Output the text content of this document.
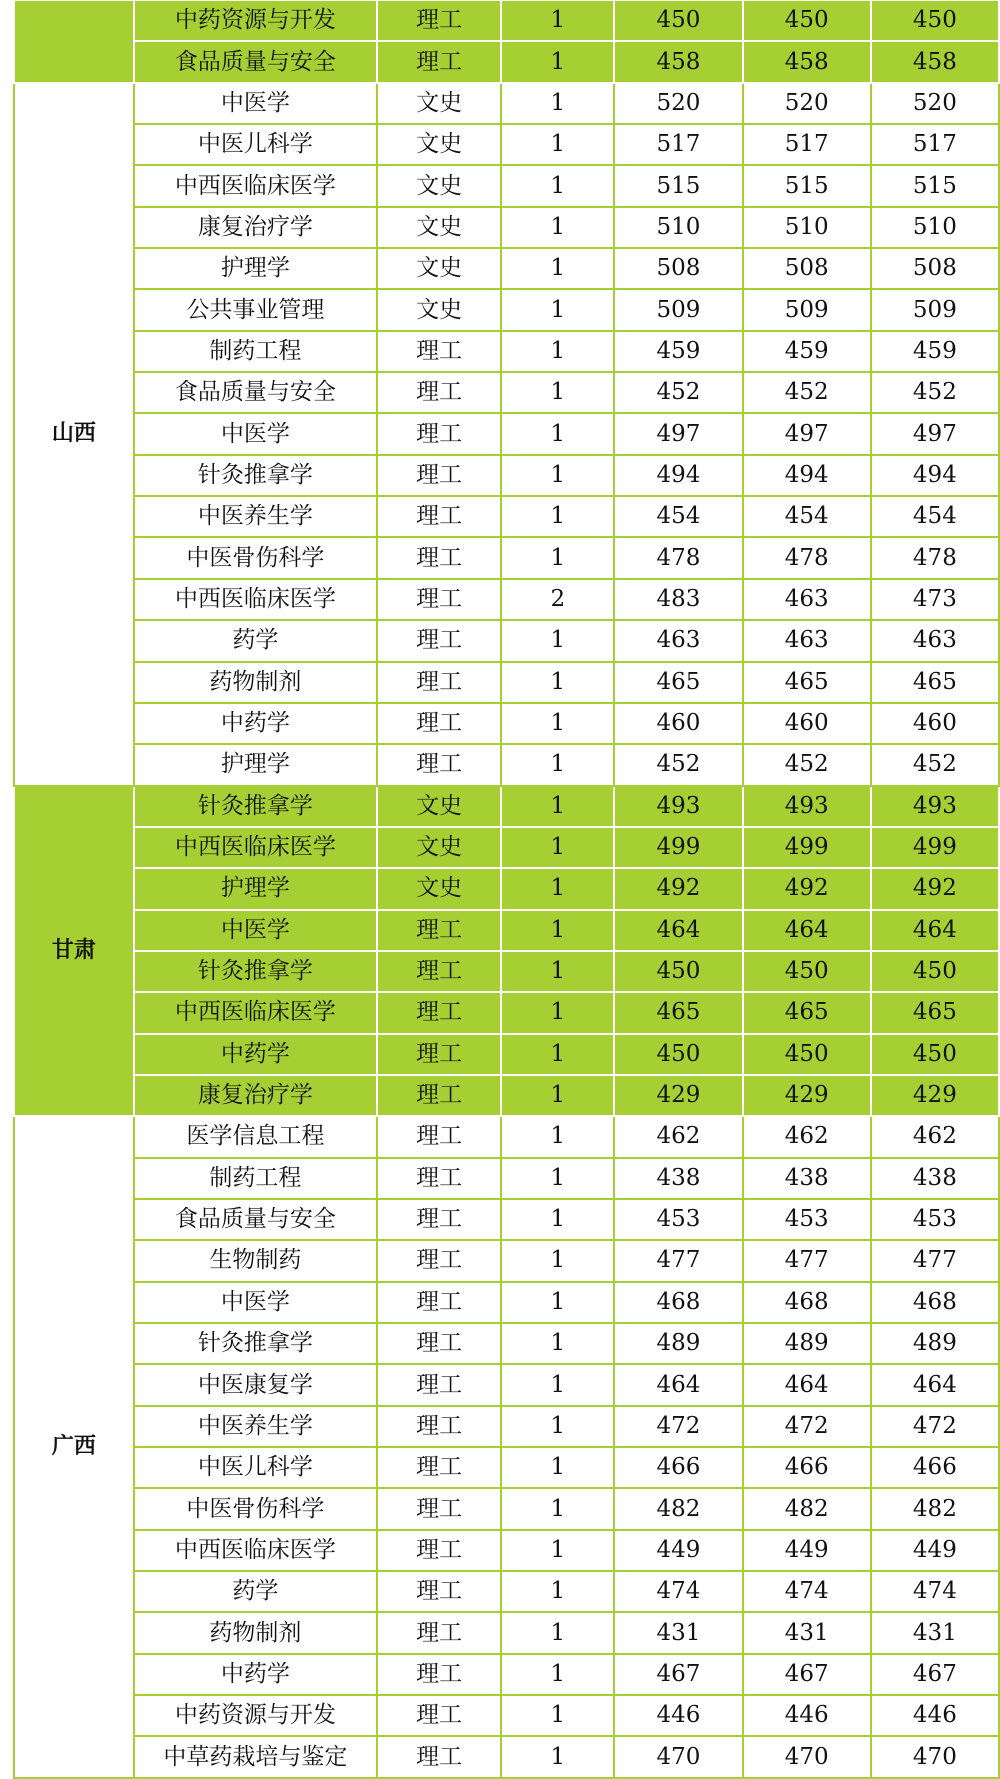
	中药资源与开发	理工	1	450	450	450
	食品质量与安全	理工	1	458	458	458
山西	中医学	文史	1	520	520	520
	中医儿科学	文史	1	517	517	517
	中西医临床医学	文史	1	515	515	515
	康复治疗学	文史	1	510	510	510
	护理学	文史	1	508	508	508
	公共事业管理	文史	1	509	509	509
	制药工程	理工	1	459	459	459
	食品质量与安全	理工	1	452	452	452
	中医学	理工	1	497	497	497
	针灸推拿学	理工	1	494	494	494
	中医养生学	理工	1	454	454	454
	中医骨伤科学	理工	1	478	478	478
	中西医临床医学	理工	2	483	463	473
	药学	理工	1	463	463	463
	药物制剂	理工	1	465	465	465
	中药学	理工	1	460	460	460
	护理学	理工	1	452	452	452
甘肃	针灸推拿学	文史	1	493	493	493
	中西医临床医学	文史	1	499	499	499
	护理学	文史	1	492	492	492
	中医学	理工	1	464	464	464
	针灸推拿学	理工	1	450	450	450
	中西医临床医学	理工	1	465	465	465
	中药学	理工	1	450	450	450
	康复治疗学	理工	1	429	429	429
广西	医学信息工程	理工	1	462	462	462
	制药工程	理工	1	438	438	438
	食品质量与安全	理工	1	453	453	453
	生物制药	理工	1	477	477	477
	中医学	理工	1	468	468	468
	针灸推拿学	理工	1	489	489	489
	中医康复学	理工	1	464	464	464
	中医养生学	理工	1	472	472	472
	中医儿科学	理工	1	466	466	466
	中医骨伤科学	理工	1	482	482	482
	中西医临床医学	理工	1	449	449	449
	药学	理工	1	474	474	474
	药物制剂	理工	1	431	431	431
	中药学	理工	1	467	467	467
	中药资源与开发	理工	1	446	446	446
	中草药栽培与鉴定	理工	1	470	470	470
